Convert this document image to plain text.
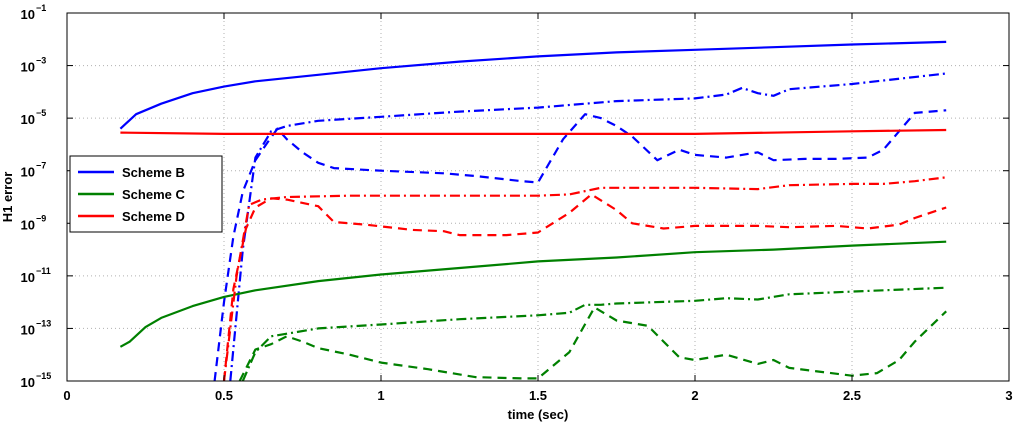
0	0.5	1	1.5	2	2.5	3
10 −15
10 −13
10 −11
10 −9
10 −7
10 −5
10 −3
10 −1
time (sec)
H1 error	Scheme B
Scheme C
Scheme D
